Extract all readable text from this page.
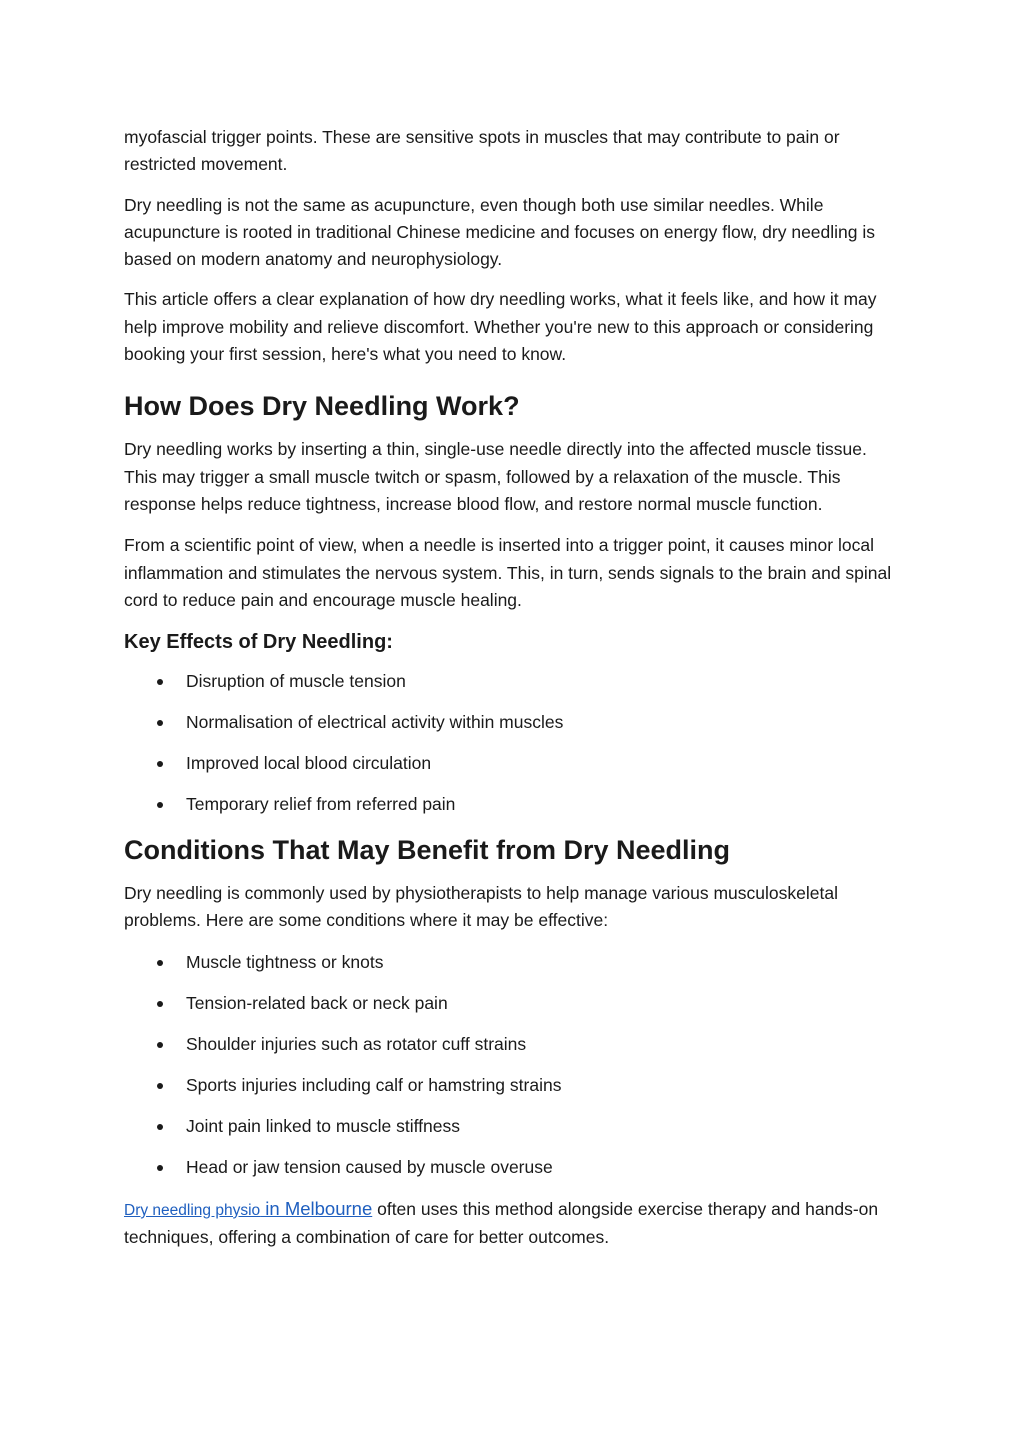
myofascial trigger points. These are sensitive spots in muscles that may contribute to pain or restricted movement.

Dry needling is not the same as acupuncture, even though both use similar needles. While acupuncture is rooted in traditional Chinese medicine and focuses on energy flow, dry needling is based on modern anatomy and neurophysiology.

This article offers a clear explanation of how dry needling works, what it feels like, and how it may help improve mobility and relieve discomfort. Whether you're new to this approach or considering booking your first session, here's what you need to know.

How Does Dry Needling Work?

Dry needling works by inserting a thin, single-use needle directly into the affected muscle tissue. This may trigger a small muscle twitch or spasm, followed by a relaxation of the muscle. This response helps reduce tightness, increase blood flow, and restore normal muscle function.

From a scientific point of view, when a needle is inserted into a trigger point, it causes minor local inflammation and stimulates the nervous system. This, in turn, sends signals to the brain and spinal cord to reduce pain and encourage muscle healing.

Key Effects of Dry Needling:
Disruption of muscle tension
Normalisation of electrical activity within muscles
Improved local blood circulation
Temporary relief from referred pain
Conditions That May Benefit from Dry Needling

Dry needling is commonly used by physiotherapists to help manage various musculoskeletal problems. Here are some conditions where it may be effective:

Muscle tightness or knots
Tension-related back or neck pain
Shoulder injuries such as rotator cuff strains
Sports injuries including calf or hamstring strains
Joint pain linked to muscle stiffness
Head or jaw tension caused by muscle overuse

Dry needling physio in Melbourne often uses this method alongside exercise therapy and hands-on techniques, offering a combination of care for better outcomes.
